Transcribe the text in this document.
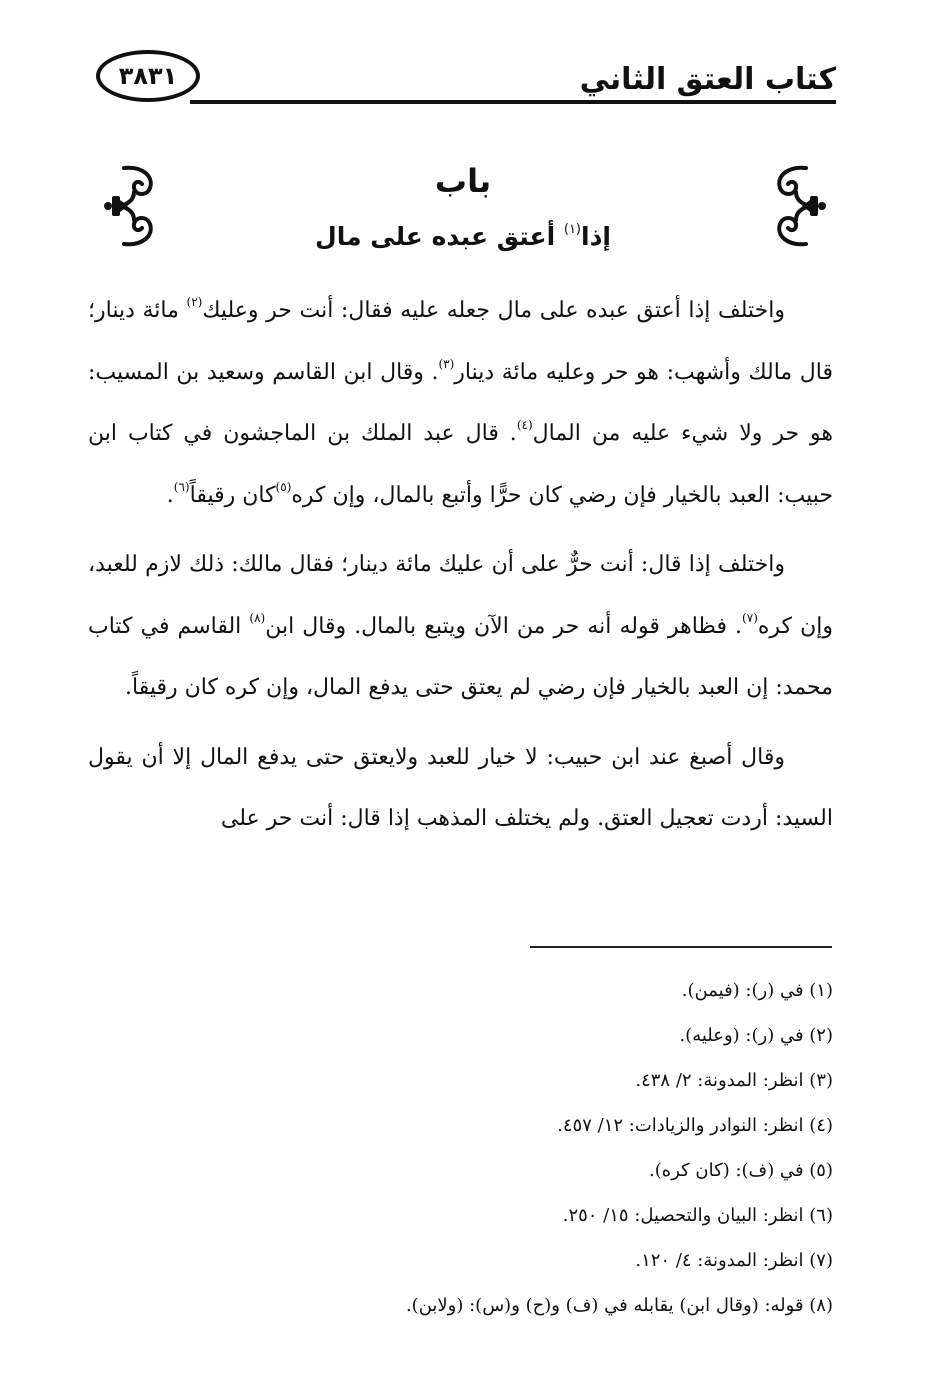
كتاب العتق الثاني
٣٨٣١
باب
إذا$^{(١)}$ أعتق عبده على مال

واختلف إذا أعتق عبده على مال جعله عليه فقال: أنت حر وعليك$^{(٢)}$ مائة دينار؛ قال مالك وأشهب: هو حر وعليه مائة دينار$^{(٣)}$. وقال ابن القاسم وسعيد بن المسيب: هو حر ولا شيء عليه من المال$^{(٤)}$. قال عبد الملك بن الماجشون في كتاب ابن حبيب: العبد بالخيار فإن رضي كان حرًّا وأتبع بالمال، وإن كره$^{(٥)}$كان رقيقاً$^{(٦)}$.

واختلف إذا قال: أنت حرٌّ على أن عليك مائة دينار؛ فقال مالك: ذلك لازم للعبد، وإن كره$^{(٧)}$. فظاهر قوله أنه حر من الآن ويتبع بالمال. وقال ابن$^{(٨)}$ القاسم في كتاب محمد: إن العبد بالخيار فإن رضي لم يعتق حتى يدفع المال، وإن كره كان رقيقاً.

وقال أصبغ عند ابن حبيب: لا خيار للعبد ولايعتق حتى يدفع المال إلا أن يقول السيد: أردت تعجيل العتق. ولم يختلف المذهب إذا قال: أنت حر على

(١) في (ر): (فيمن).
(٢) في (ر): (وعليه).
(٣) انظر: المدونة: ٢/ ٤٣٨.
(٤) انظر: النوادر والزيادات: ١٢/ ٤٥٧.
(٥) في (ف): (كان كره).
(٦) انظر: البيان والتحصيل: ١٥/ ٢٥٠.
(٧) انظر: المدونة: ٤/ ١٢٠.
(٨) قوله: (وقال ابن) يقابله في (ف) و(ح) و(س): (ولابن).
